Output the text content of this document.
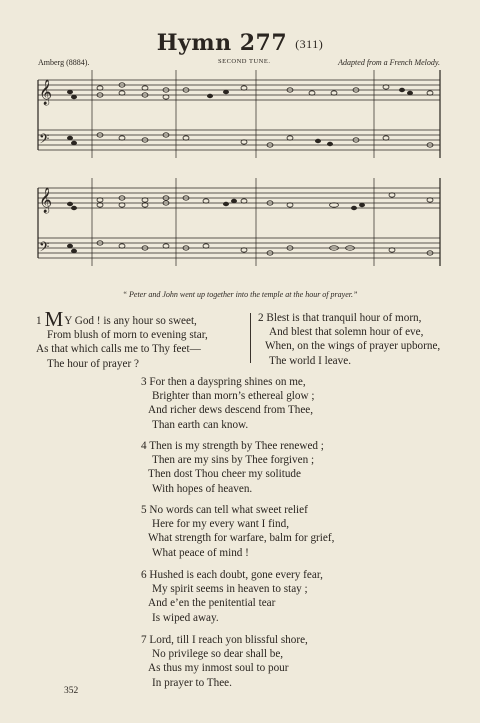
Hymn 277 (311)
Amberg (8884).	SECOND TUNE.	Adapted from a French Melody.
𝄞
𝄢
𝄞
𝄢
“ Peter and John went up together into the temple at the hour of prayer.”
1 MY God ! is any hour so sweet,
From blush of morn to evening star,
As that which calls me to Thy feet—
The hour of prayer ?
2 Blest is that tranquil hour of morn,
And blest that solemn hour of eve,
When, on the wings of prayer upborne,
The world I leave.
3 For then a dayspring shines on me,
Brighter than morn’s ethereal glow ;
And richer dews descend from Thee,
Than earth can know.
4 Then is my strength by Thee renewed ;
Then are my sins by Thee forgiven ;
Then dost Thou cheer my solitude
With hopes of heaven.
5 No words can tell what sweet relief
Here for my every want I find,
What strength for warfare, balm for grief,
What peace of mind !
6 Hushed is each doubt, gone every fear,
My spirit seems in heaven to stay ;
And e’en the penitential tear
Is wiped away.
7 Lord, till I reach yon blissful shore,
No privilege so dear shall be,
As thus my inmost soul to pour
In prayer to Thee.
352
